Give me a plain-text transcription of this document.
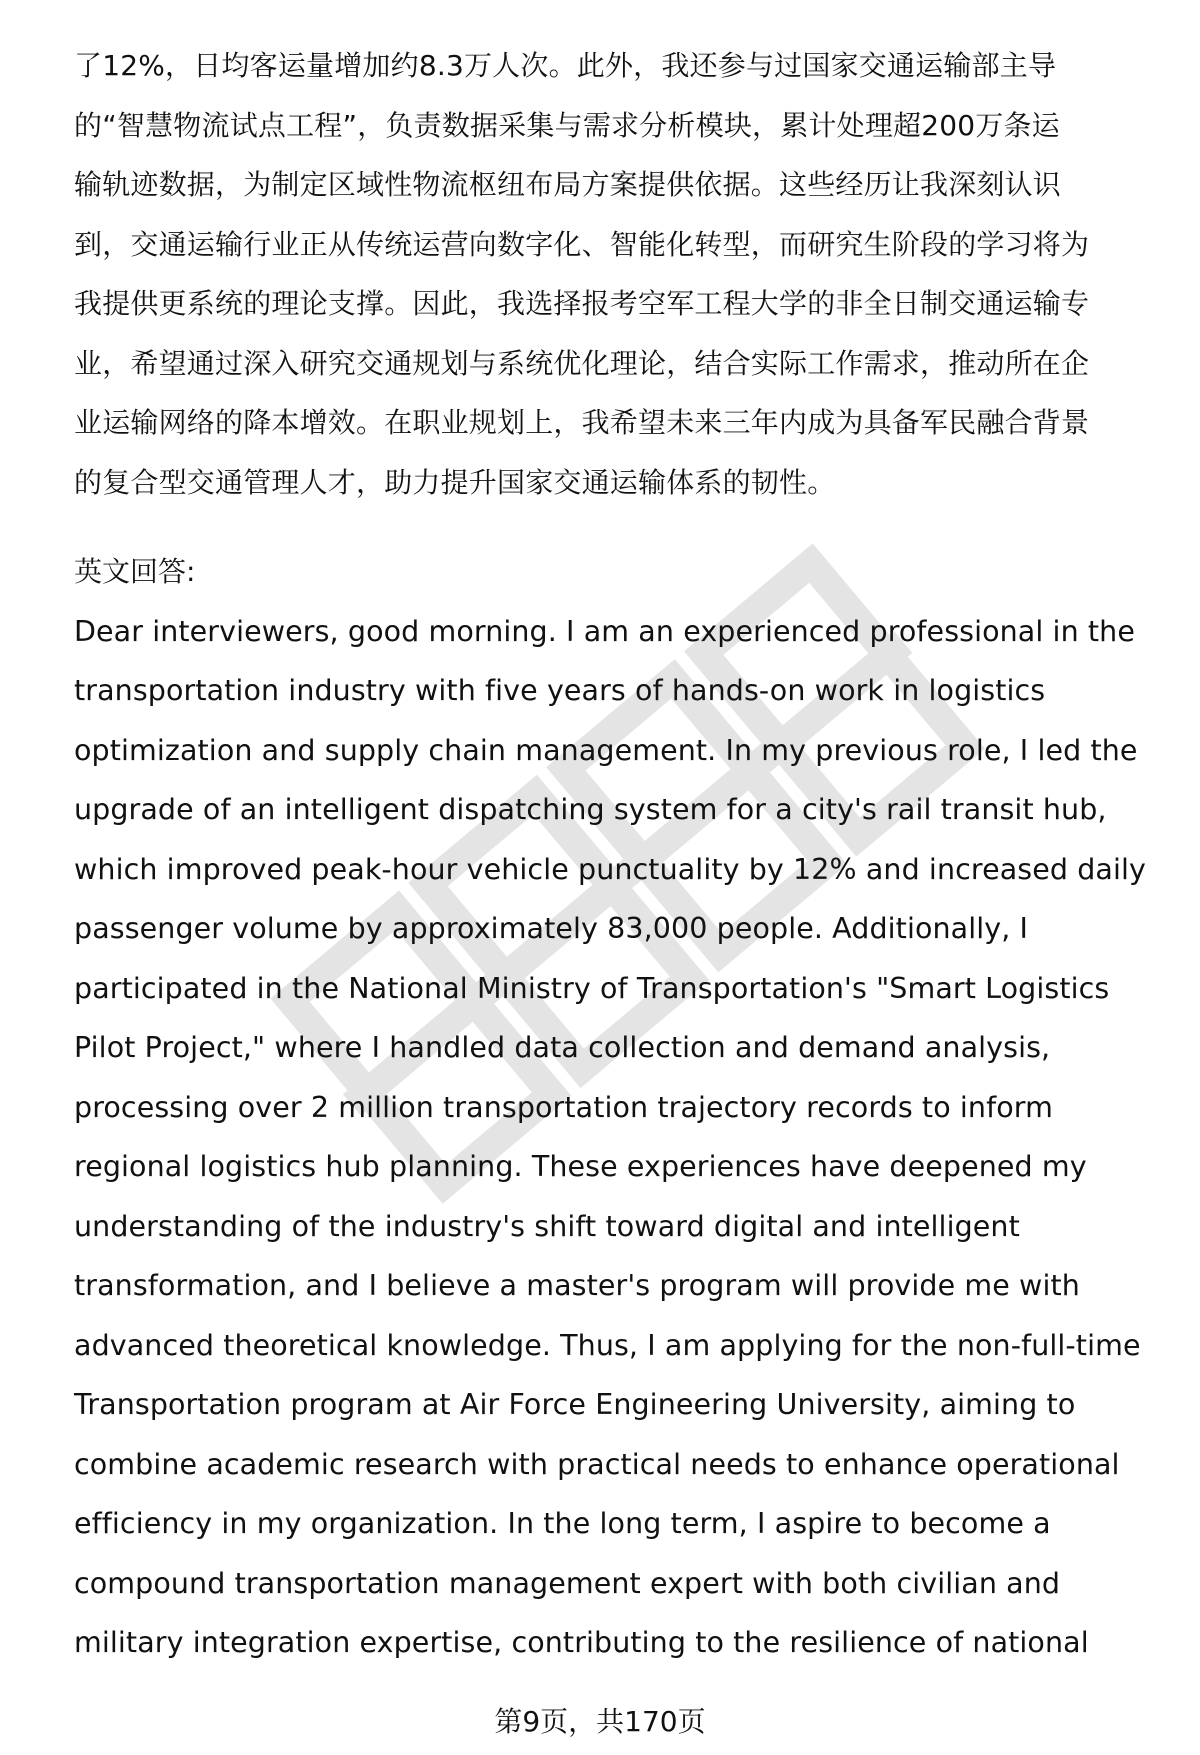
了12%，日均客运量增加约8.3万人次。此外，我还参与过国家交通运输部主导
的“智慧物流试点工程”，负责数据采集与需求分析模块，累计处理超200万条运
输轨迹数据，为制定区域性物流枢纽布局方案提供依据。这些经历让我深刻认识
到，交通运输行业正从传统运营向数字化、智能化转型，而研究生阶段的学习将为
我提供更系统的理论支撑。因此，我选择报考空军工程大学的非全日制交通运输专
业，希望通过深入研究交通规划与系统优化理论，结合实际工作需求，推动所在企
业运输网络的降本增效。在职业规划上，我希望未来三年内成为具备军民融合背景
的复合型交通管理人才，助力提升国家交通运输体系的韧性。
英文回答:
Dear interviewers, good morning. I am an experienced professional in the
transportation industry with five years of hands-on work in logistics
optimization and supply chain management. In my previous role, I led the
upgrade of an intelligent dispatching system for a city's rail transit hub,
which improved peak-hour vehicle punctuality by 12% and increased daily
passenger volume by approximately 83,000 people. Additionally, I
participated in the National Ministry of Transportation's "Smart Logistics
Pilot Project," where I handled data collection and demand analysis,
processing over 2 million transportation trajectory records to inform
regional logistics hub planning. These experiences have deepened my
understanding of the industry's shift toward digital and intelligent
transformation, and I believe a master's program will provide me with
advanced theoretical knowledge. Thus, I am applying for the non-full-time
Transportation program at Air Force Engineering University, aiming to
combine academic research with practical needs to enhance operational
efficiency in my organization. In the long term, I aspire to become a
compound transportation management expert with both civilian and
military integration expertise, contributing to the resilience of national
第9页，共170页
